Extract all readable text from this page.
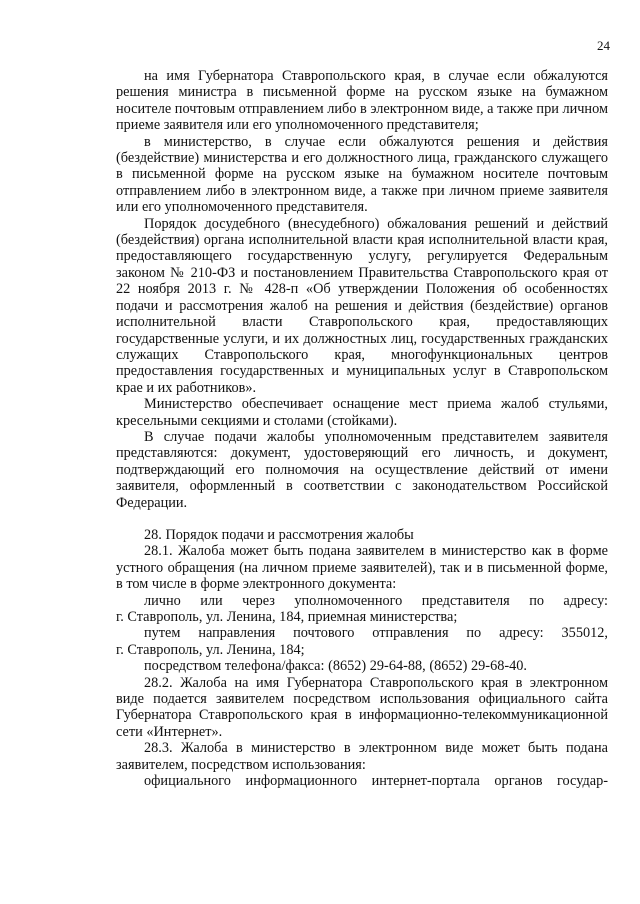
24

на имя Губернатора Ставропольского края, в случае если обжалуются решения министра в письменной форме на русском языке на бумажном носителе почтовым отправлением либо в электронном виде, а также при личном приеме заявителя или его уполномоченного представителя;

в министерство, в случае если обжалуются решения и действия (бездействие) министерства и его должностного лица, гражданского служащего в письменной форме на русском языке на бумажном носителе почтовым отправлением либо в электронном виде, а также при личном приеме заявителя или его уполномоченного представителя.

Порядок досудебного (внесудебного) обжалования решений и действий (бездействия) органа исполнительной власти края исполнительной власти края, предоставляющего государственную услугу, регулируется Федеральным законом № 210-ФЗ и постановлением Правительства Ставропольского края от 22 ноября 2013 г. № 428-п «Об утверждении Положения об особенностях подачи и рассмотрения жалоб на решения и действия (бездействие) органов исполнительной власти Ставропольского края, предоставляющих государственные услуги, и их должностных лиц, государственных гражданских служащих Ставропольского края, многофункциональных центров предоставления государственных и муниципальных услуг в Ставропольском крае и их работников».

Министерство обеспечивает оснащение мест приема жалоб стульями, кресельными секциями и столами (стойками).

В случае подачи жалобы уполномоченным представителем заявителя представляются: документ, удостоверяющий его личность, и документ, подтверждающий его полномочия на осуществление действий от имени заявителя, оформленный в соответствии с законодательством Российской Федерации.

28. Порядок подачи и рассмотрения жалобы

28.1. Жалоба может быть подана заявителем в министерство как в форме устного обращения (на личном приеме заявителей), так и в письменной форме, в том числе в форме электронного документа:

лично или через уполномоченного представителя по адресу:

г. Ставрополь, ул. Ленина, 184, приемная министерства;

путем направления почтового отправления по адресу: 355012,

г. Ставрополь, ул. Ленина, 184;

посредством телефона/факса: (8652) 29-64-88, (8652) 29-68-40.

28.2. Жалоба на имя Губернатора Ставропольского края в электронном виде подается заявителем посредством использования официального сайта Губернатора Ставропольского края в информационно-телекоммуникационной сети «Интернет».

28.3. Жалоба в министерство в электронном виде может быть подана заявителем, посредством использования:

официального информационного интернет-портала органов государ-
